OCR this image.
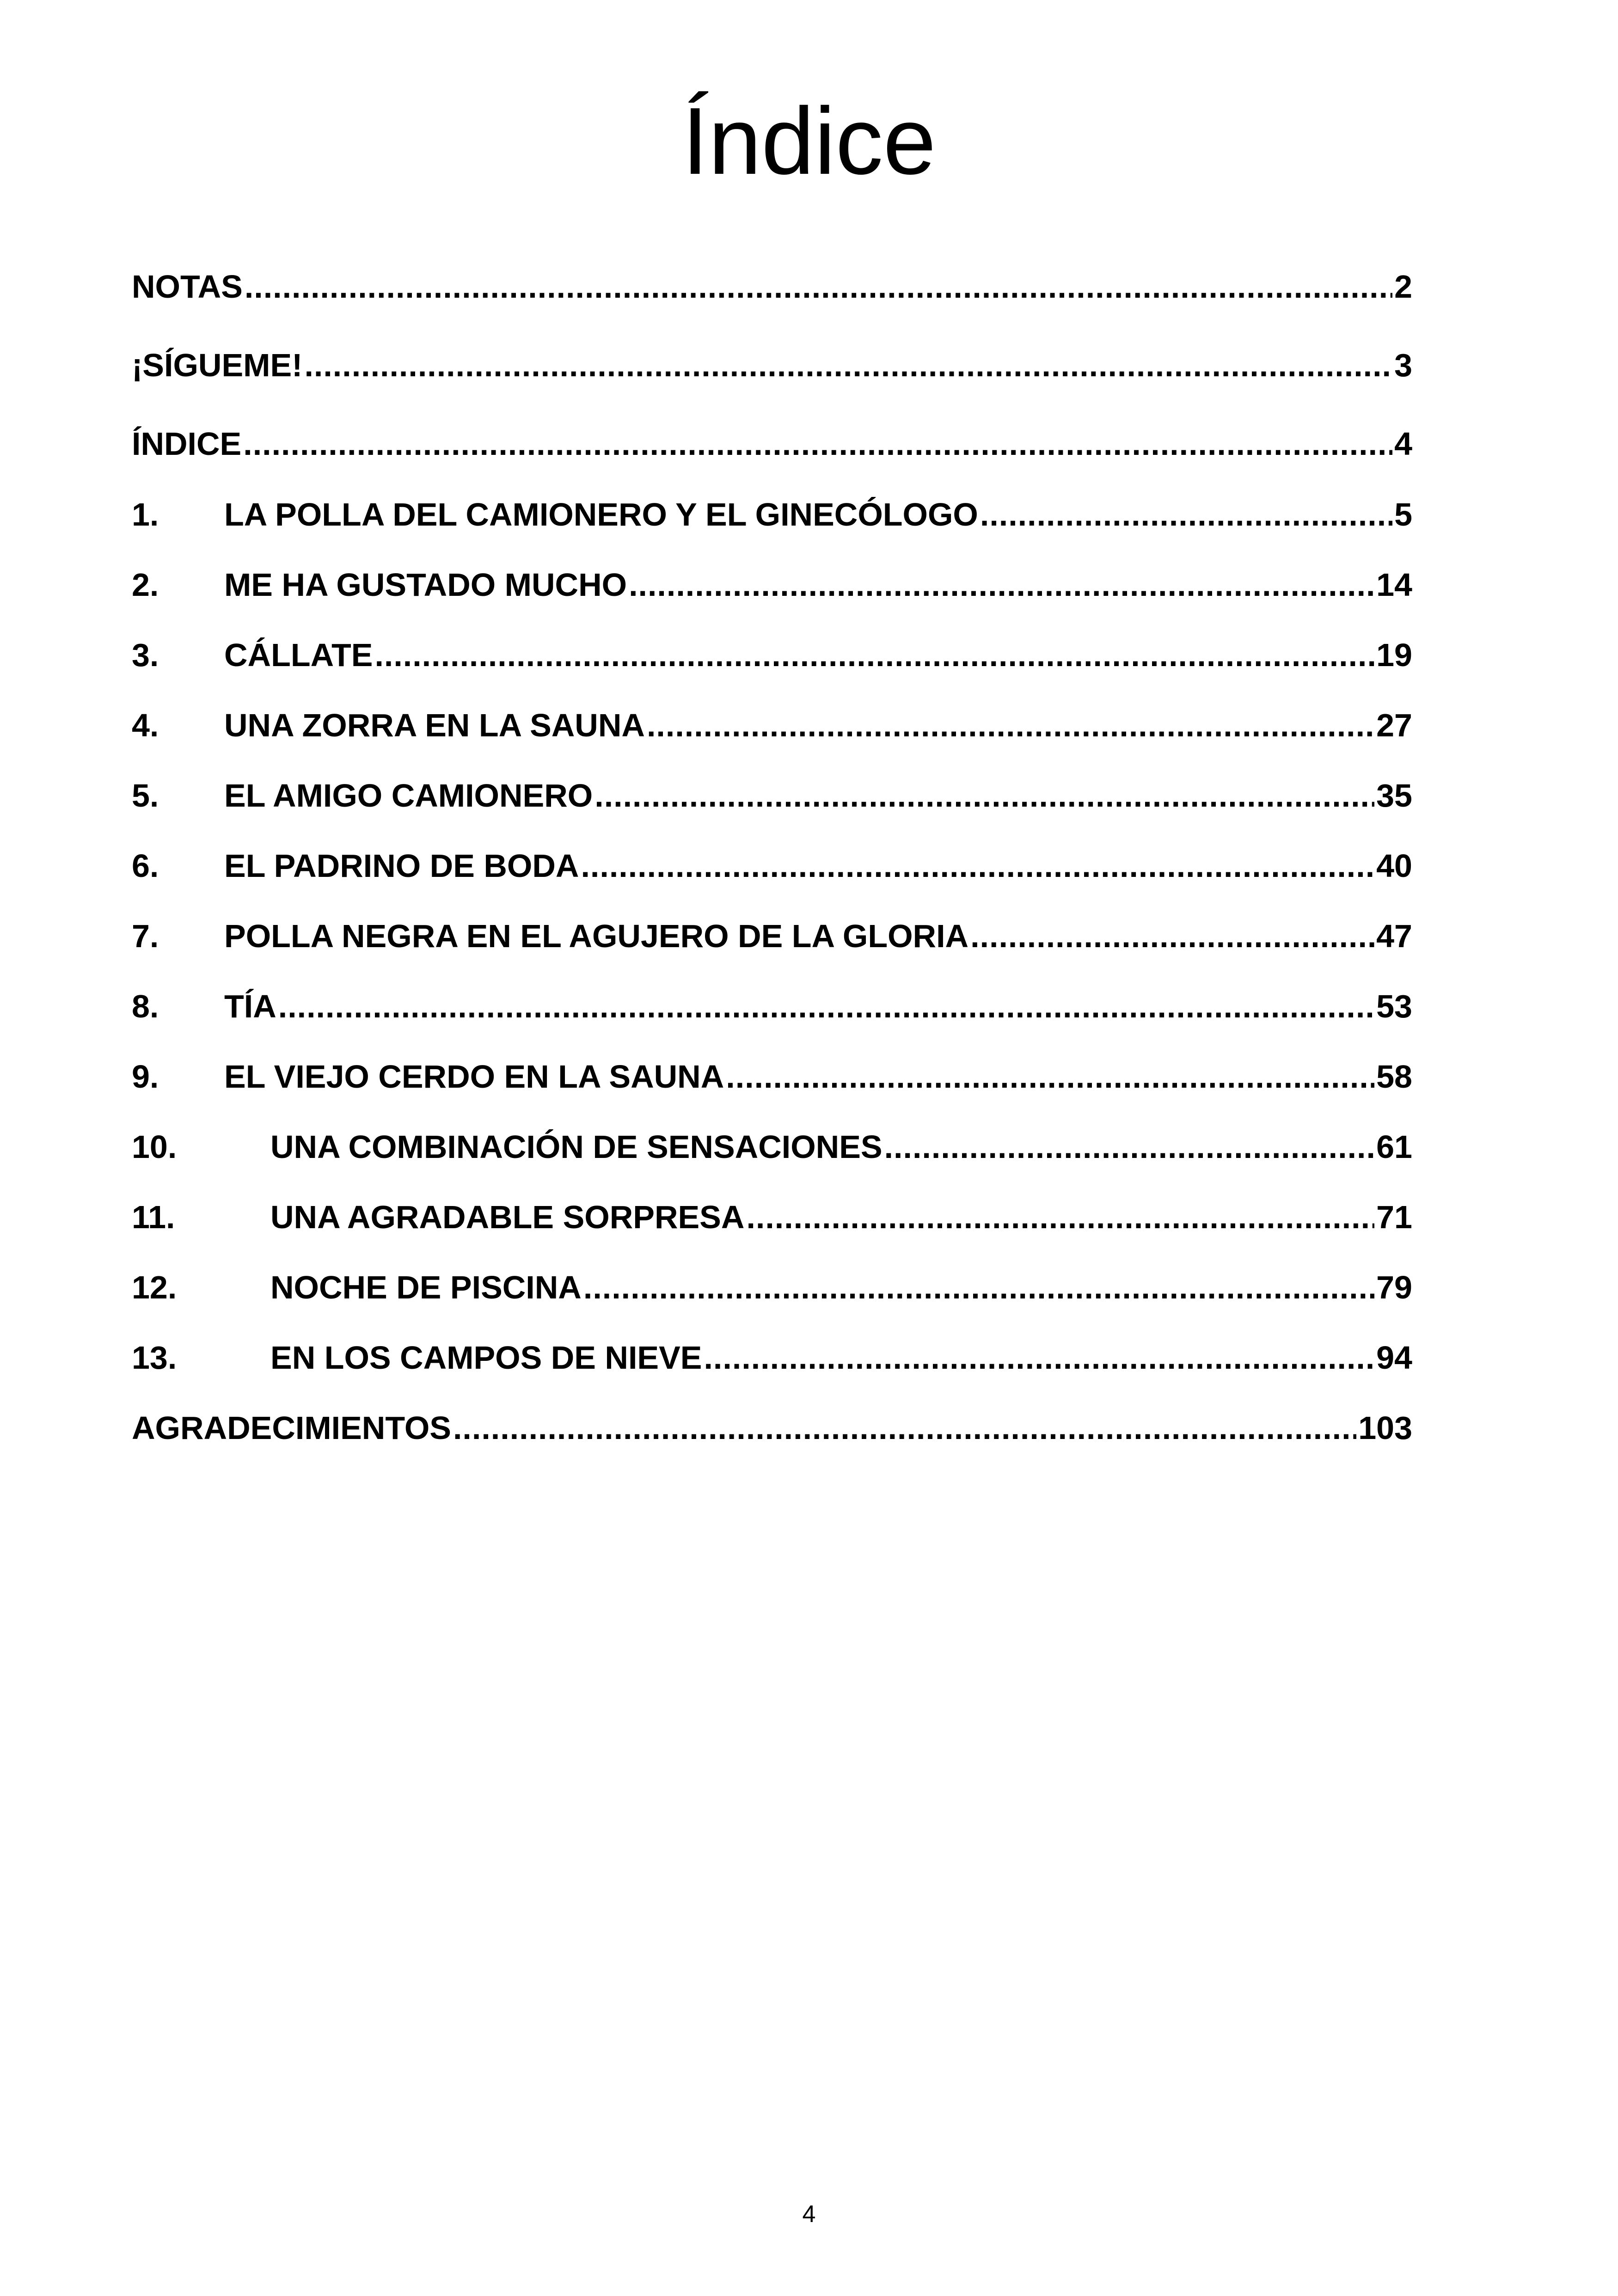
Índice
NOTAS .....	2
¡SÍGUEME! .....	3
ÍNDICE .....	4
1.	LA POLLA DEL CAMIONERO Y EL GINECÓLOGO .....	5
2.	ME HA GUSTADO MUCHO .....	14
3.	CÁLLATE .....	19
4.	UNA ZORRA EN LA SAUNA .....	27
5.	EL AMIGO CAMIONERO .....	35
6.	EL PADRINO DE BODA .....	40
7.	POLLA NEGRA EN EL AGUJERO DE LA GLORIA .....	47
8.	TÍA .....	53
9.	EL VIEJO CERDO EN LA SAUNA .....	58
10.	UNA COMBINACIÓN DE SENSACIONES .....	61
11.	UNA AGRADABLE SORPRESA .....	71
12.	NOCHE DE PISCINA .....	79
13.	EN LOS CAMPOS DE NIEVE .....	94
AGRADECIMIENTOS .....	103
4
